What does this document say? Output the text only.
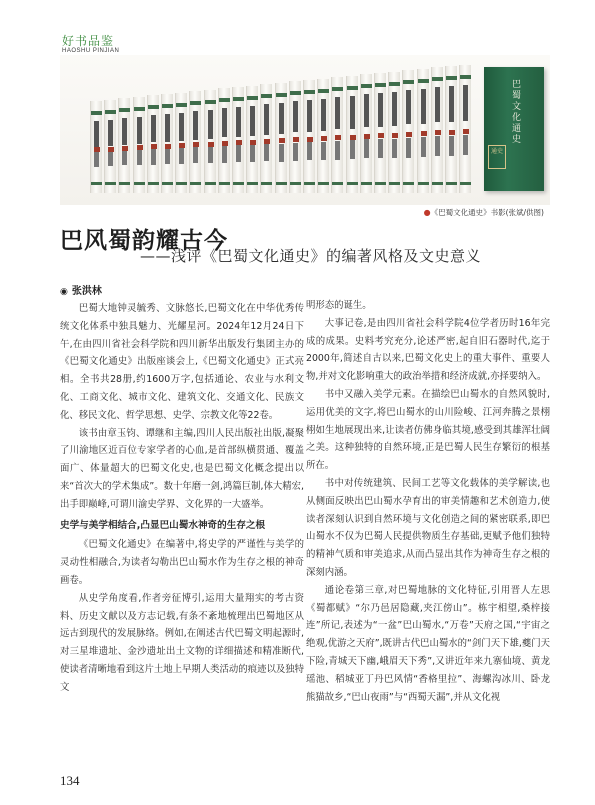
好书品鉴
HAOSHU PINJIAN
巴蜀文化通史
通史
●《巴蜀文化通史》书影(张斌/供图)
巴风蜀韵耀古今
——浅评《巴蜀文化通史》的编著风格及文史意义
◉ 张洪林

巴蜀大地钟灵毓秀、文脉悠长,巴蜀文化在中华优秀传统文化体系中独具魅力、光耀星河。2024年12月24日下午,在由四川省社会科学院和四川新华出版发行集团主办的《巴蜀文化通史》出版座谈会上,《巴蜀文化通史》正式亮相。全书共28册,约1600万字,包括通论、农业与水利文化、工商文化、城市文化、建筑文化、交通文化、民族文化、移民文化、哲学思想、史学、宗教文化等22卷。

该书由章玉钧、谭继和主编,四川人民出版社出版,凝聚了川渝地区近百位专家学者的心血,是首部纵横贯通、覆盖面广、体量超大的巴蜀文化史,也是巴蜀文化概念提出以来“首次大的学术集成”。数十年磨一剑,鸿篇巨制,体大精宏,出手即巅峰,可谓川渝史学界、文化界的一大盛举。

史学与美学相结合,凸显巴山蜀水神奇的生存之根

《巴蜀文化通史》在编著中,将史学的严谨性与美学的灵动性相融合,为读者勾勒出巴山蜀水作为生存之根的神奇画卷。

从史学角度看,作者旁征博引,运用大量翔实的考古资料、历史文献以及方志记载,有条不紊地梳理出巴蜀地区从远古到现代的发展脉络。例如,在阐述古代巴蜀文明起源时,对三星堆遗址、金沙遗址出土文物的详细描述和精准断代,使读者清晰地看到这片土地上早期人类活动的痕迹以及独特文

明形态的诞生。

大事记卷,是由四川省社会科学院4位学者历时16年完成的成果。史料考究充分,论述严密,起自旧石器时代,迄于2000年,简述自古以来,巴蜀文化史上的重大事件、重要人物,并对文化影响重大的政治举措和经济成就,亦择要纳入。

书中又融入美学元素。在描绘巴山蜀水的自然风貌时,运用优美的文字,将巴山蜀水的山川险峻、江河奔腾之景栩栩如生地展现出来,让读者仿佛身临其境,感受到其雄浑壮阔之美。这种独特的自然环境,正是巴蜀人民生存繁衍的根基所在。

书中对传统建筑、民间工艺等文化载体的美学解读,也从侧面反映出巴山蜀水孕育出的审美情趣和艺术创造力,使读者深刻认识到自然环境与文化创造之间的紧密联系,即巴山蜀水不仅为巴蜀人民提供物质生存基础,更赋予他们独特的精神气质和审美追求,从而凸显出其作为神奇生存之根的深刻内涵。

通论卷第三章,对巴蜀地脉的文化特征,引用晋人左思《蜀都赋》“尔乃邑居隐藏,夹江傍山”。栋宇相望,桑梓接连”所记,表述为“一盆”巴山蜀水,“万卷”天府之国,“宇宙之绝观,优游之天府”,既讲古代巴山蜀水的“剑门天下雄,夔门天下险,青城天下幽,峨眉天下秀”,又讲近年来九寨仙境、黄龙瑶池、稻城亚丁丹巴风情“香格里拉”、海螺沟冰川、卧龙熊猫故乡,“巴山夜雨”与“西蜀天漏”,并从文化视

134
